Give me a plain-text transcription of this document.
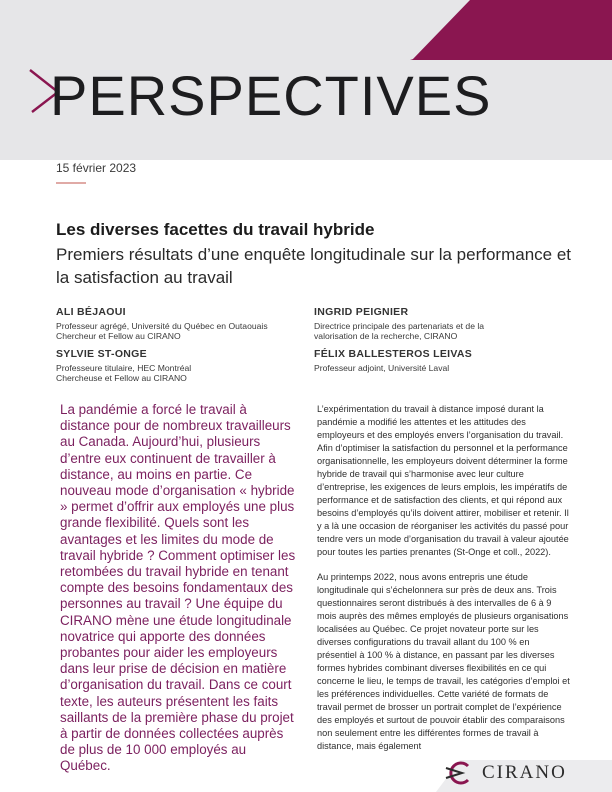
PERSPECTIVES
15 février 2023
Les diverses facettes du travail hybride
Premiers résultats d’une enquête longitudinale sur la performance et la satisfaction au travail
ALI BÉJAOUI
Professeur agrégé, Université du Québec en Outaouais
Chercheur et Fellow au CIRANO
SYLVIE ST-ONGE
Professeure titulaire, HEC Montréal
Chercheuse et Fellow au CIRANO
INGRID PEIGNIER
Directrice principale des partenariats et de la
valorisation de la recherche, CIRANO
FÉLIX BALLESTEROS LEIVAS
Professeur adjoint, Université Laval
La pandémie a forcé le travail à distance pour de nombreux travailleurs au Canada. Aujourd’hui, plusieurs d’entre eux continuent de travailler à distance, au moins en partie. Ce nouveau mode d’organisation « hybride » permet d’offrir aux employés une plus grande flexibilité. Quels sont les avantages et les limites du mode de travail hybride ? Comment optimiser les retombées du travail hybride en tenant compte des besoins fondamentaux des personnes au travail ? Une équipe du CIRANO mène une étude longitudinale novatrice qui apporte des données probantes pour aider les employeurs dans leur prise de décision en matière d’organisation du travail. Dans ce court texte, les auteurs présentent les faits saillants de la première phase du projet à partir de données collectées auprès de plus de 10 000 employés au Québec.

L’expérimentation du travail à distance imposé durant la pandémie a modifié les attentes et les attitudes des employeurs et des employés envers l’organisation du travail. Afin d’optimiser la satisfaction du personnel et la performance organisationnelle, les employeurs doivent déterminer la forme hybride de travail qui s’harmonise avec leur culture d’entreprise, les exigences de leurs emplois, les impératifs de performance et de satisfaction des clients, et qui répond aux besoins d’employés qu’ils doivent attirer, mobiliser et retenir. Il y a là une occasion de réorganiser les activités du passé pour tendre vers un mode d’organisation du travail à valeur ajoutée pour toutes les parties prenantes (St-Onge et coll., 2022).

Au printemps 2022, nous avons entrepris une étude longitudinale qui s’échelonnera sur près de deux ans. Trois questionnaires seront distribués à des intervalles de 6 à 9 mois auprès des mêmes employés de plusieurs organisations localisées au Québec. Ce projet novateur porte sur les diverses configurations du travail allant du 100 % en présentiel à 100 % à distance, en passant par les diverses formes hybrides combinant diverses flexibilités en ce qui concerne le lieu, le temps de travail, les catégories d’emploi et les préférences individuelles. Cette variété de formats de travail permet de brosser un portrait complet de l’expérience des employés et surtout de pouvoir établir des comparaisons non seulement entre les différentes formes de travail à distance, mais également

CIRANO
